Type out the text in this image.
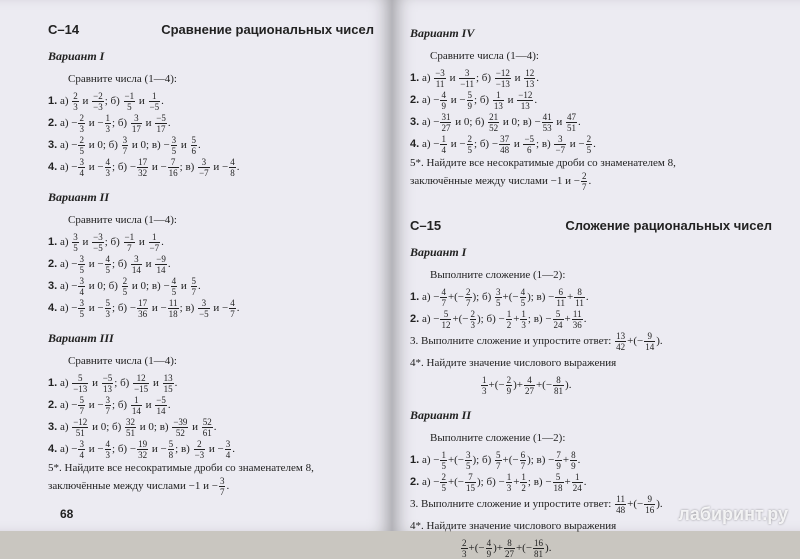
С–14	Сравнение рациональных чисел
Вариант I
Сравните числа (1—4):
1. $а) \frac{2}{3}$ и $\frac{-2}{-3}$ ; $б) \frac{-1}{5}$ и $\frac{1}{-5}$ .
2. $а) - \frac{2}{3}$ $и - \frac{1}{3}$ ; $б) \frac{3}{17}$ и $\frac{-5}{17}$ .
3. $а) - \frac{2}{5}$ и 0; $б) \frac{3}{7}$ и 0; $в) - \frac{3}{5}$ и $\frac{5}{6}$ .
4. $а) - \frac{3}{4}$ $и - \frac{4}{3}$ ; $б) - \frac{17}{32}$ $и - \frac{7}{16}$ ; $в) \frac{3}{-7}$ $и - \frac{4}{8}$ .
Вариант II
Сравните числа (1—4):
1. $а) \frac{3}{5}$ и $\frac{-3}{-5}$ ; $б) \frac{-1}{7}$ и $\frac{1}{-7}$ .
2. $а) - \frac{3}{5}$ $и - \frac{4}{5}$ ; $б) \frac{3}{14}$ и $\frac{-9}{14}$ .
3. $а) - \frac{3}{4}$ и 0; $б) \frac{2}{5}$ и 0; $в) - \frac{4}{5}$ и $\frac{5}{7}$ .
4. $а) - \frac{3}{5}$ $и - \frac{5}{3}$ ; $б) - \frac{17}{36}$ $и - \frac{11}{18}$ ; $в) \frac{3}{-5}$ $и - \frac{4}{7}$ .
Вариант III
Сравните числа (1—4):
1. $а) \frac{5}{-13}$ и $\frac{-5}{13}$ ; $б) \frac{12}{-15}$ и $\frac{13}{15}$ .
2. $а) - \frac{5}{7}$ $и - \frac{3}{7}$ ; $б) \frac{1}{14}$ и $\frac{-5}{14}$ .
3. $а) \frac{-12}{51}$ и 0; $б) \frac{32}{51}$ и 0; $в) \frac{-39}{52}$ и $\frac{52}{61}$ .
4. $а) - \frac{3}{4}$ $и - \frac{4}{3}$ ; $б) - \frac{19}{32}$ $и - \frac{5}{8}$ ; $в) \frac{2}{-3}$ $и - \frac{3}{4}$ .
5*. Найдите все несократимые дроби со знаменателем 8, заключённые между числами −1 $и - \frac{3}{7}$ .
68
Вариант IV
Сравните числа (1—4):
1. $а) \frac{-3}{11}$ и $\frac{3}{-11}$ ; $б) \frac{-12}{-13}$ и $\frac{12}{13}$ .
2. $а) - \frac{4}{9}$ $и - \frac{5}{9}$ ; $б) \frac{1}{13}$ и $\frac{-12}{13}$ .
3. $а) - \frac{31}{27}$ и 0; $б) \frac{21}{52}$ и 0; $в) - \frac{41}{53}$ и $\frac{47}{51}$ .
4. $а) - \frac{1}{4}$ $и - \frac{2}{5}$ ; $б) - \frac{37}{48}$ и $\frac{-5}{6}$ ; $в) \frac{3}{-7}$ $и - \frac{2}{5}$ .
5*. Найдите все несократимые дроби со знаменателем 8, заключённые между числами −1 $и - \frac{2}{7}$ .
С–15	Сложение рациональных чисел
Вариант I
Выполните сложение (1—2):
1. $а) - \frac{4}{7}$ +(− $\frac{2}{7}$ ); $б) \frac{3}{5}$ +(− $\frac{4}{5}$ ); $в) - \frac{6}{11} + \frac{8}{11}$ .
2. $а) - \frac{5}{12}$ +(− $\frac{2}{3}$ ); $б) - \frac{1}{2} + \frac{1}{3}$ ; $в) - \frac{5}{24} + \frac{11}{36}$ .
3. Выполните сложение и упростите ответ: $\frac{13}{42}$ +(− $\frac{9}{14}$ ).
4*. Найдите значение числового выражения
$\frac{1}{3}$ +(− $\frac{2}{9}$ )+ $\frac{4}{27}$ +(− $\frac{8}{81}$ ).
Вариант II
Выполните сложение (1—2):
1. $а) - \frac{1}{5}$ +(− $\frac{3}{5}$ ); $б) \frac{5}{7}$ +(− $\frac{6}{7}$ ); $в) - \frac{7}{9} + \frac{8}{9}$ .
2. $а) - \frac{2}{5}$ +(− $\frac{7}{15}$ ); $б) - \frac{1}{3} + \frac{1}{2}$ ; $в) - \frac{5}{18} + \frac{1}{24}$ .
3. Выполните сложение и упростите ответ: $\frac{11}{48}$ +(− $\frac{9}{16}$ ).
4*. Найдите значение числового выражения
$\frac{2}{3}$ +(− $\frac{4}{9}$ )+ $\frac{8}{27}$ +(− $\frac{16}{81}$ ).
лабиринт.ру
